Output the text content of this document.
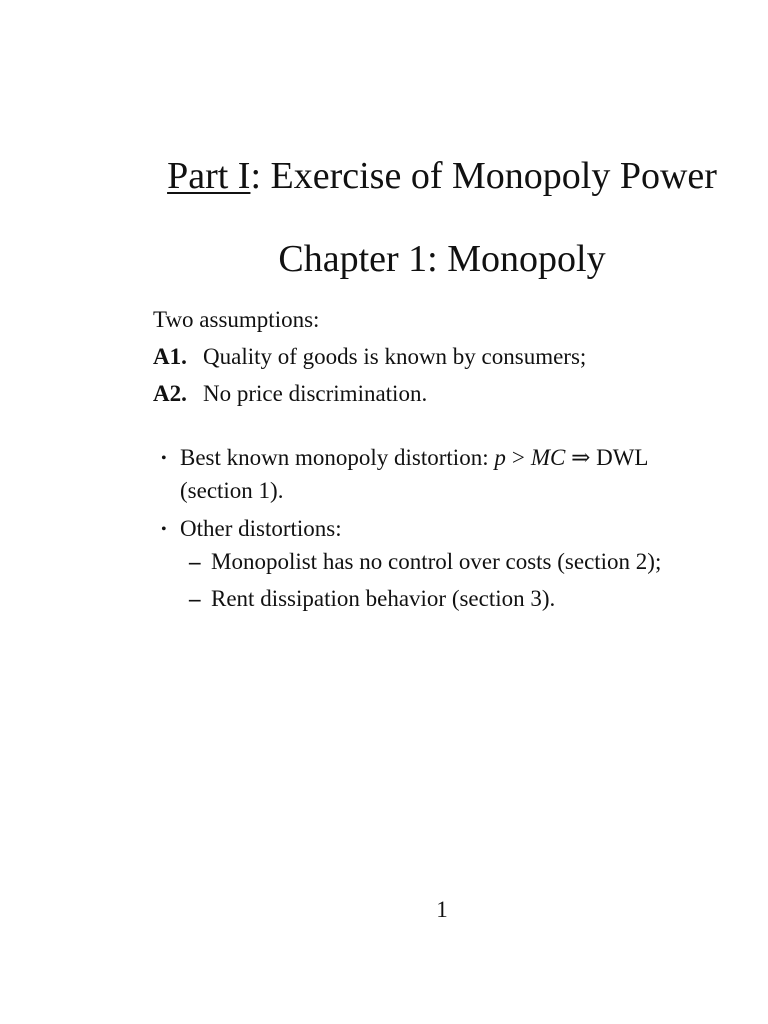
Part I: Exercise of Monopoly Power
Chapter 1: Monopoly
Two assumptions:
A1. Quality of goods is known by consumers;
A2. No price discrimination.
• Best known monopoly distortion: p > MC ⇒ DWL
(section 1).
• Other distortions:
– Monopolist has no control over costs (section 2);
– Rent dissipation behavior (section 3).
1
